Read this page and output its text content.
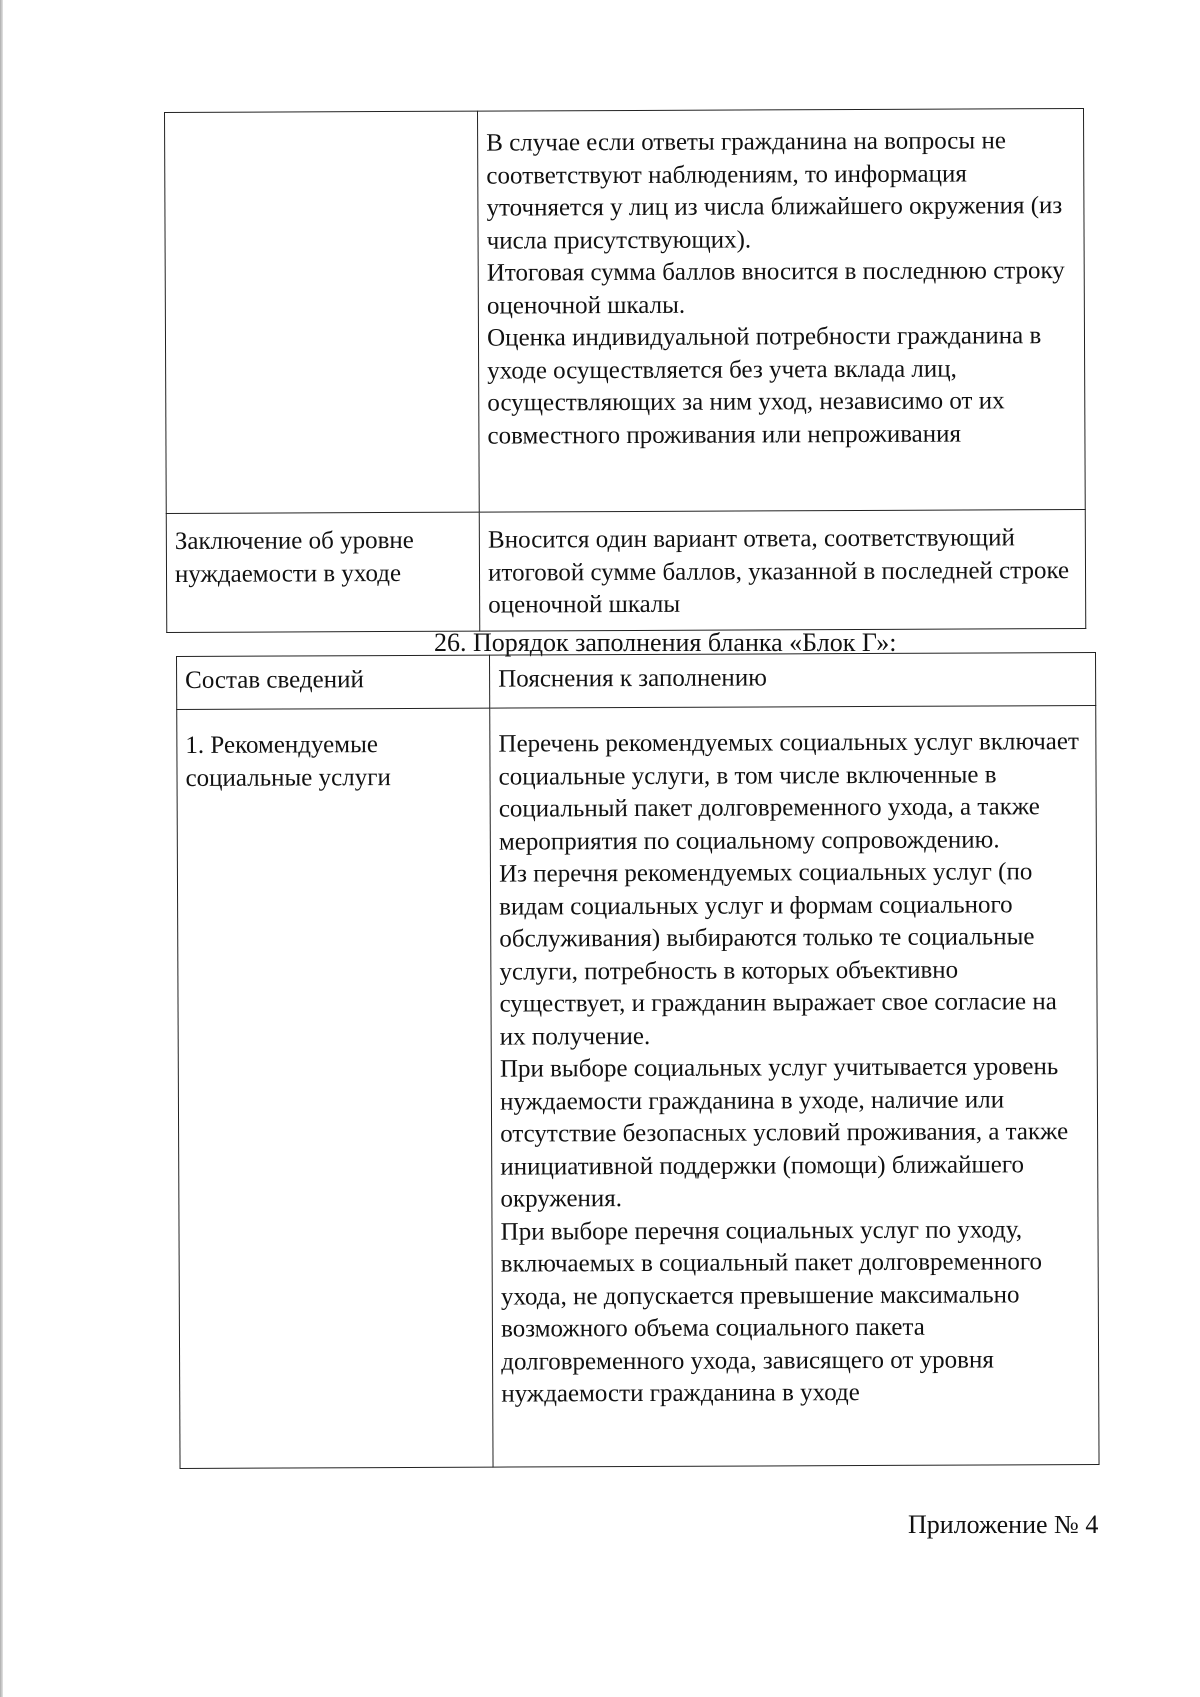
	В случае если ответы гражданина на вопросы не соответствуют наблюдениям, то информация уточняется у лиц из числа ближайшего окружения (из числа присутствующих).

Итоговая сумма баллов вносится в последнюю строку оценочной шкалы.

Оценка индивидуальной потребности гражданина в уходе осуществляется без учета вклада лиц, осуществляющих за ним уход, независимо от их совместного проживания или непроживания

Заключение об уровне нуждаемости в уходе	Вносится один вариант ответа, соответствующий итоговой сумме баллов, указанной в последней строке оценочной шкалы
26. Порядок заполнения бланка «Блок Г»:
Состав сведений	Пояснения к заполнению
1. Рекомендуемые социальные услуги	Перечень рекомендуемых социальных услуг включает социальные услуги, в том числе включенные в социальный пакет долговременного ухода, а также мероприятия по социальному сопровождению.

Из перечня рекомендуемых социальных услуг (по видам социальных услуг и формам социального обслуживания) выбираются только те социальные услуги, потребность в которых объективно существует, и гражданин выражает свое согласие на их получение.

При выборе социальных услуг учитывается уровень нуждаемости гражданина в уходе, наличие или отсутствие безопасных условий проживания, а также инициативной поддержки (помощи) ближайшего окружения.

При выборе перечня социальных услуг по уходу, включаемых в социальный пакет долговременного ухода, не допускается превышение максимально возможного объема социального пакета долговременного ухода, зависящего от уровня нуждаемости гражданина в уходе

Приложение № 4
